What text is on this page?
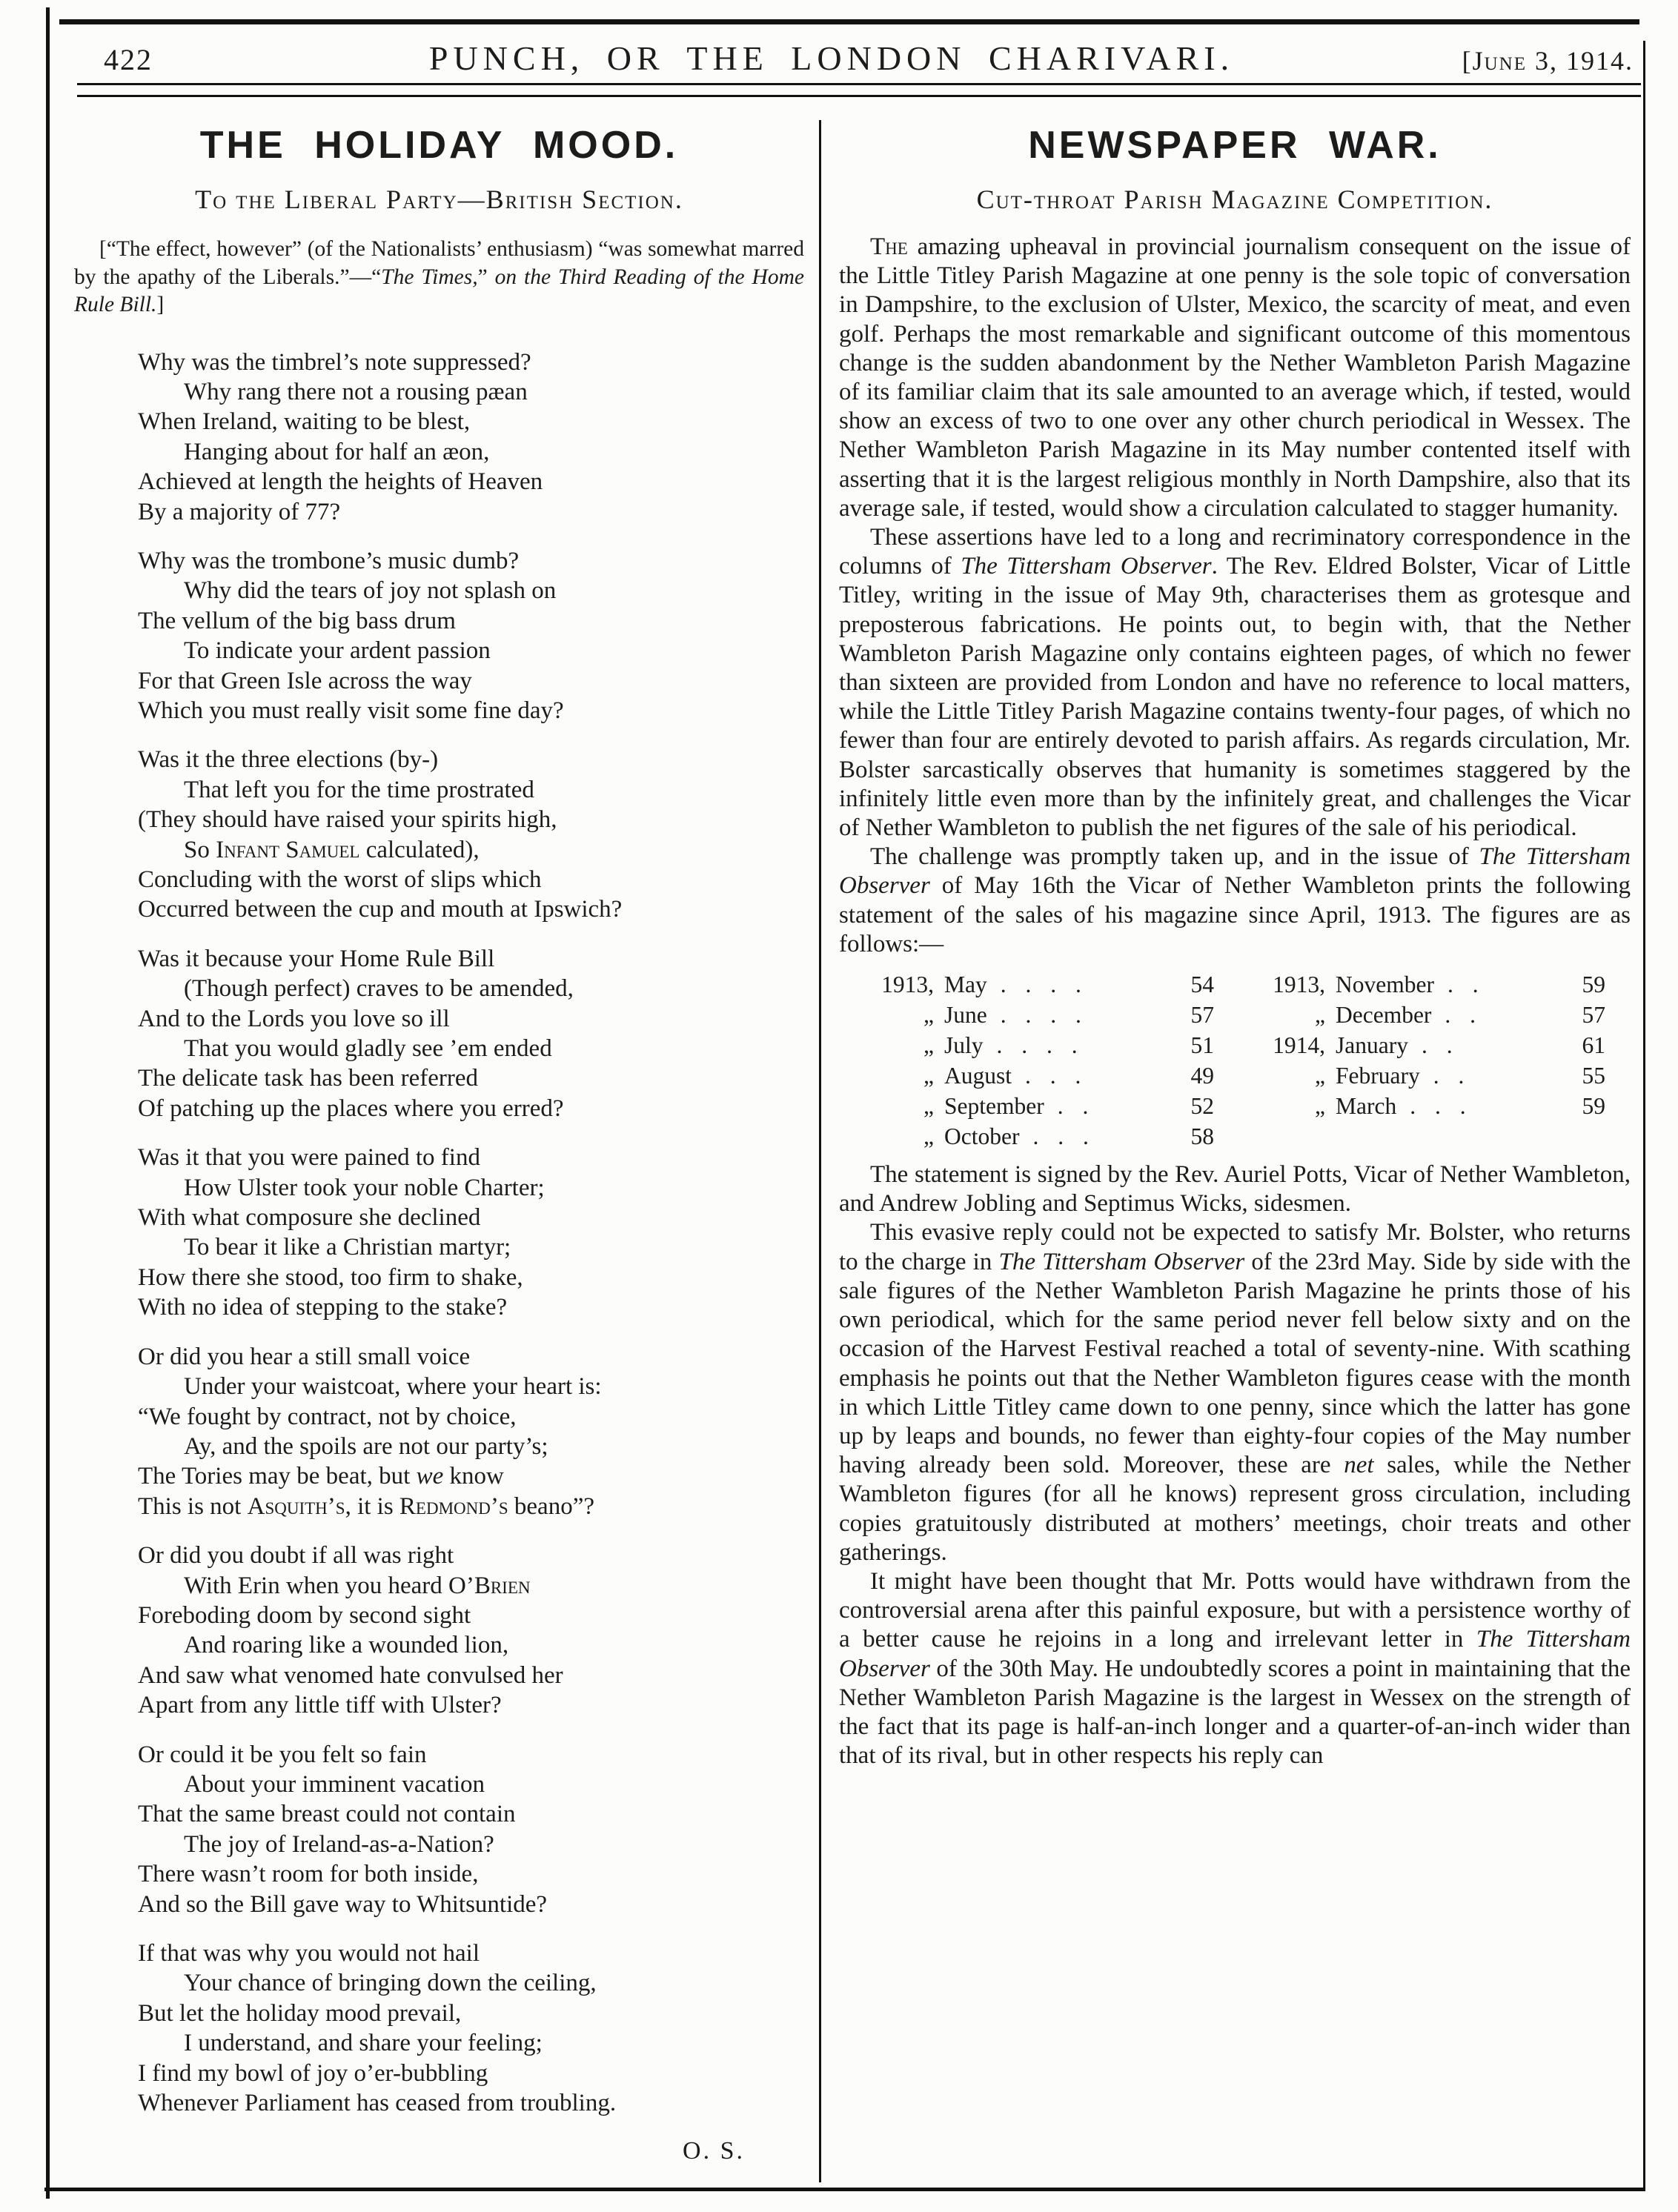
422	PUNCH, OR THE LONDON CHARIVARI.	[June 3, 1914.
THE HOLIDAY MOOD.
To the Liberal Party—British Section.

[“The effect, however” (of the Nationalists’ enthusiasm) “was somewhat marred by the apathy of the Liberals.”—“The Times,” on the Third Reading of the Home Rule Bill.]

Why was the timbrel’s note suppressed?
Why rang there not a rousing pæan
When Ireland, waiting to be blest,
Hanging about for half an æon,
Achieved at length the heights of Heaven
By a majority of 77?
Why was the trombone’s music dumb?
Why did the tears of joy not splash on
The vellum of the big bass drum
To indicate your ardent passion
For that Green Isle across the way
Which you must really visit some fine day?
Was it the three elections (by-)
That left you for the time prostrated
(They should have raised your spirits high,
So Infant Samuel calculated),
Concluding with the worst of slips which
Occurred between the cup and mouth at Ipswich?
Was it because your Home Rule Bill
(Though perfect) craves to be amended,
And to the Lords you love so ill
That you would gladly see ’em ended
The delicate task has been referred
Of patching up the places where you erred?
Was it that you were pained to find
How Ulster took your noble Charter;
With what composure she declined
To bear it like a Christian martyr;
How there she stood, too firm to shake,
With no idea of stepping to the stake?
Or did you hear a still small voice
Under your waistcoat, where your heart is:
“We fought by contract, not by choice,
Ay, and the spoils are not our party’s;
The Tories may be beat, but we know
This is not Asquith’s, it is Redmond’s beano”?
Or did you doubt if all was right
With Erin when you heard O’Brien
Foreboding doom by second sight
And roaring like a wounded lion,
And saw what venomed hate convulsed her
Apart from any little tiff with Ulster?
Or could it be you felt so fain
About your imminent vacation
That the same breast could not contain
The joy of Ireland-as-a-Nation?
There wasn’t room for both inside,
And so the Bill gave way to Whitsuntide?
If that was why you would not hail
Your chance of bringing down the ceiling,
But let the holiday mood prevail,
I understand, and share your feeling;
I find my bowl of joy o’er-bubbling
Whenever Parliament has ceased from troubling.
O. S.
NEWSPAPER WAR.
Cut-throat Parish Magazine Competition.

The amazing upheaval in provincial journalism consequent on the issue of the Little Titley Parish Magazine at one penny is the sole topic of conversation in Dampshire, to the exclusion of Ulster, Mexico, the scarcity of meat, and even golf. Perhaps the most remarkable and significant outcome of this momentous change is the sudden abandonment by the Nether Wambleton Parish Magazine of its familiar claim that its sale amounted to an average which, if tested, would show an excess of two to one over any other church periodical in Wessex. The Nether Wambleton Parish Magazine in its May number contented itself with asserting that it is the largest religious monthly in North Dampshire, also that its average sale, if tested, would show a circulation calculated to stagger humanity.

These assertions have led to a long and recriminatory correspondence in the columns of The Tittersham Observer. The Rev. Eldred Bolster, Vicar of Little Titley, writing in the issue of May 9th, characterises them as grotesque and preposterous fabrications. He points out, to begin with, that the Nether Wambleton Parish Magazine only contains eighteen pages, of which no fewer than sixteen are provided from London and have no reference to local matters, while the Little Titley Parish Magazine contains twenty-four pages, of which no fewer than four are entirely devoted to parish affairs. As regards circulation, Mr. Bolster sarcastically observes that humanity is sometimes staggered by the infinitely little even more than by the infinitely great, and challenges the Vicar of Nether Wambleton to publish the net figures of the sale of his periodical.

The challenge was promptly taken up, and in the issue of The Tittersham Observer of May 16th the Vicar of Nether Wambleton prints the following statement of the sales of his magazine since April, 1913. The figures are as follows:—

1913, May . . . .	54
„ June . . . .	57
„ July . . . .	51
„ August . . .	49
„ September . .	52
„ October . . .	58
1913, November . .	59
„ December . .	57
1914, January . .	61
„ February . .	55
„ March . . .	59

The statement is signed by the Rev. Auriel Potts, Vicar of Nether Wambleton, and Andrew Jobling and Septimus Wicks, sidesmen.

This evasive reply could not be expected to satisfy Mr. Bolster, who returns to the charge in The Tittersham Observer of the 23rd May. Side by side with the sale figures of the Nether Wambleton Parish Magazine he prints those of his own periodical, which for the same period never fell below sixty and on the occasion of the Harvest Festival reached a total of seventy-nine. With scathing emphasis he points out that the Nether Wambleton figures cease with the month in which Little Titley came down to one penny, since which the latter has gone up by leaps and bounds, no fewer than eighty-four copies of the May number having already been sold. Moreover, these are net sales, while the Nether Wambleton figures (for all he knows) represent gross circulation, including copies gratuitously distributed at mothers’ meetings, choir treats and other gatherings.

It might have been thought that Mr. Potts would have withdrawn from the controversial arena after this painful exposure, but with a persistence worthy of a better cause he rejoins in a long and irrelevant letter in The Tittersham Observer of the 30th May. He undoubtedly scores a point in maintaining that the Nether Wambleton Parish Magazine is the largest in Wessex on the strength of the fact that its page is half-an-inch longer and a quarter-of-an-inch wider than that of its rival, but in other respects his reply can
